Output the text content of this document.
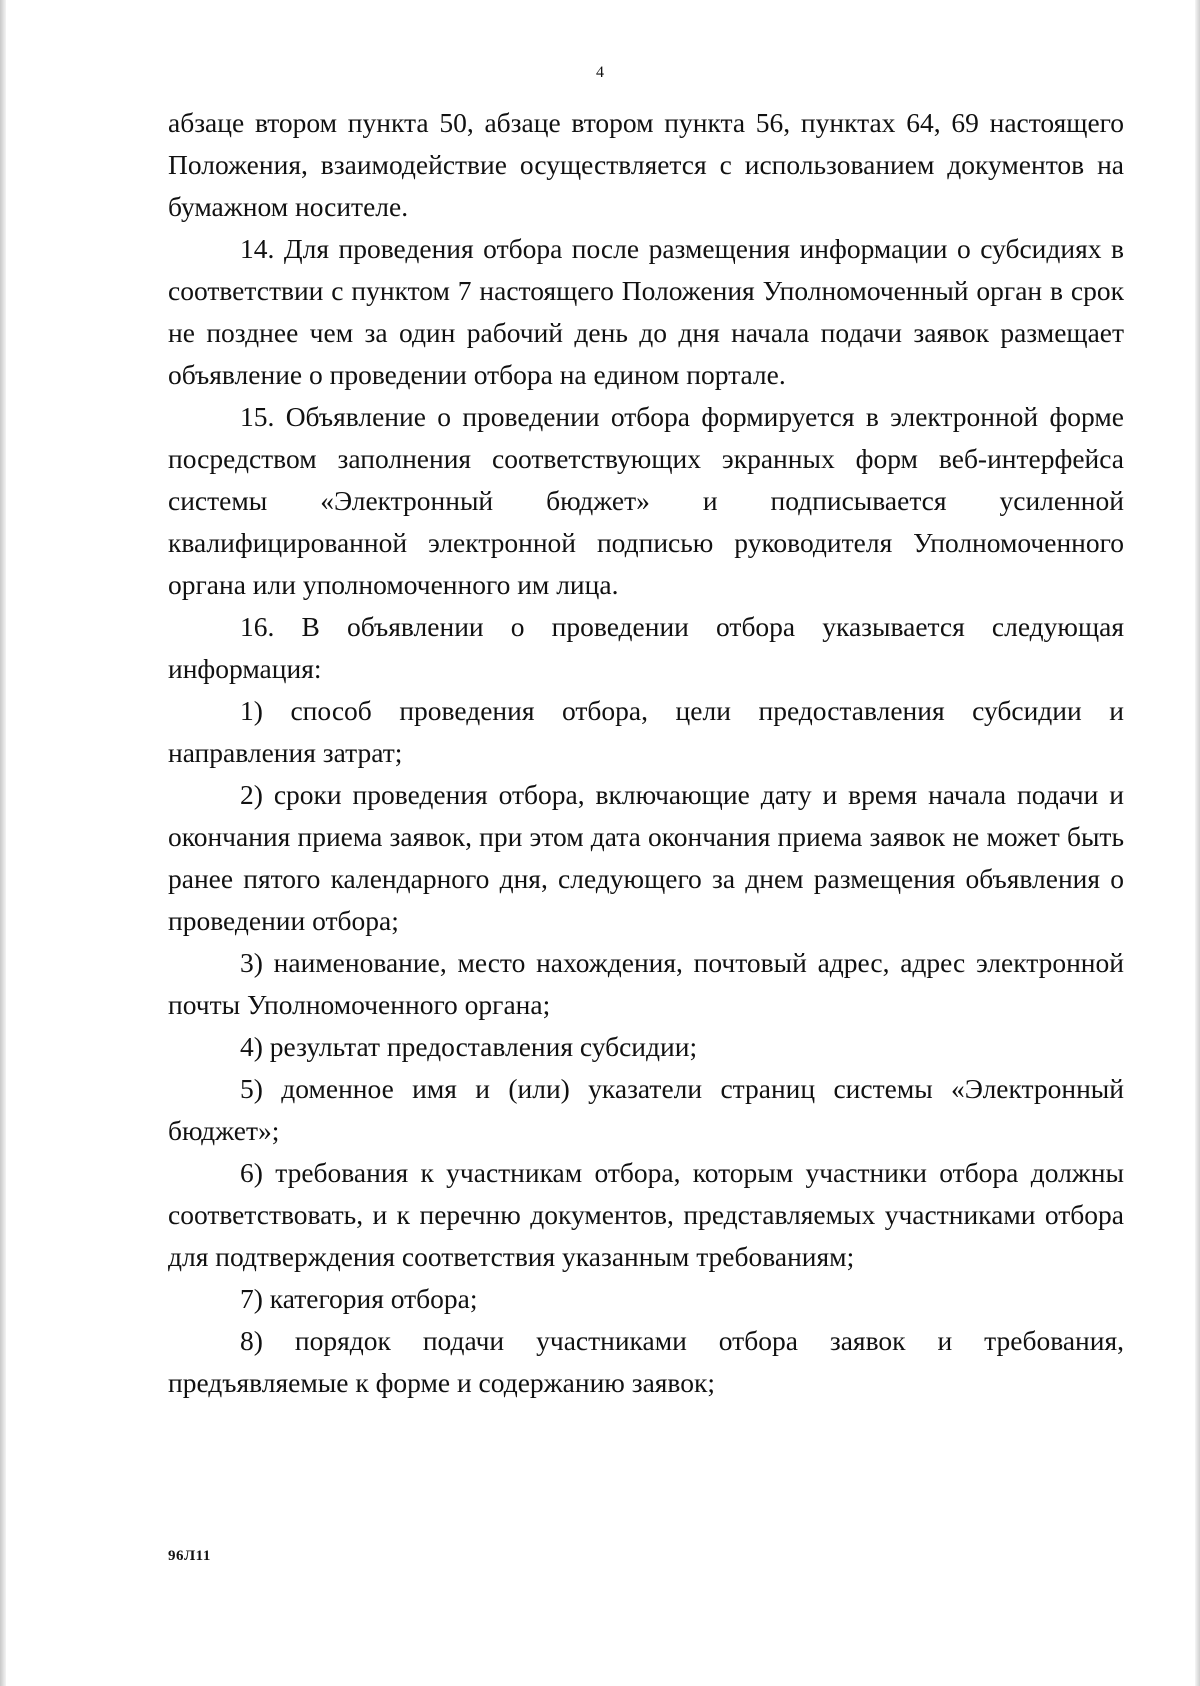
4

абзаце втором пункта 50, абзаце втором пункта 56, пунктах 64, 69 настоящего Положения, взаимодействие осуществляется с использованием документов на бумажном носителе.

14. Для проведения отбора после размещения информации о субсидиях в соответствии с пунктом 7 настоящего Положения Уполномоченный орган в срок не позднее чем за один рабочий день до дня начала подачи заявок размещает объявление о проведении отбора на едином портале.

15. Объявление о проведении отбора формируется в электронной форме посредством заполнения соответствующих экранных форм веб-интерфейса системы «Электронный бюджет» и подписывается усиленной квалифицированной электронной подписью руководителя Уполномоченного органа или уполномоченного им лица.

16. В объявлении о проведении отбора указывается следующая информация:

1) способ проведения отбора, цели предоставления субсидии и направления затрат;

2) сроки проведения отбора, включающие дату и время начала подачи и окончания приема заявок, при этом дата окончания приема заявок не может быть ранее пятого календарного дня, следующего за днем размещения объявления о проведении отбора;

3) наименование, место нахождения, почтовый адрес, адрес электронной почты Уполномоченного органа;

4) результат предоставления субсидии;

5) доменное имя и (или) указатели страниц системы «Электронный бюджет»;

6) требования к участникам отбора, которым участники отбора должны соответствовать, и к перечню документов, представляемых участниками отбора для подтверждения соответствия указанным требованиям;

7) категория отбора;

8) порядок подачи участниками отбора заявок и требования, предъявляемые к форме и содержанию заявок;

96Л11
